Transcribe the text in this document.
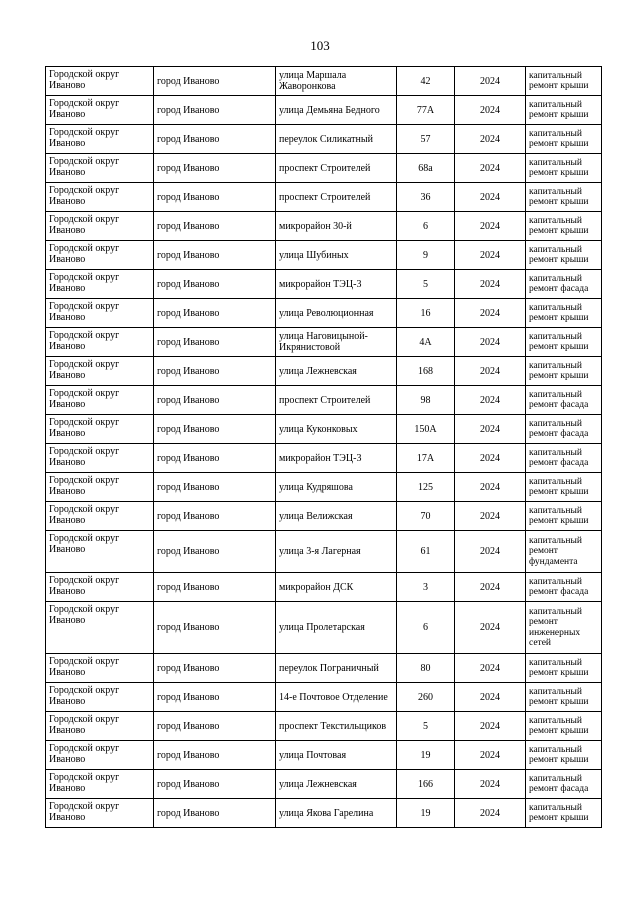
103
Городской округ Иваново	город Иваново	улица Маршала Жаворонкова	42	2024	капитальный ремонт крыши
Городской округ Иваново	город Иваново	улица Демьяна Бедного	77А	2024	капитальный ремонт крыши
Городской округ Иваново	город Иваново	переулок Силикатный	57	2024	капитальный ремонт крыши
Городской округ Иваново	город Иваново	проспект Строителей	68а	2024	капитальный ремонт крыши
Городской округ Иваново	город Иваново	проспект Строителей	36	2024	капитальный ремонт крыши
Городской округ Иваново	город Иваново	микрорайон 30-й	6	2024	капитальный ремонт крыши
Городской округ Иваново	город Иваново	улица Шубиных	9	2024	капитальный ремонт крыши
Городской округ Иваново	город Иваново	микрорайон ТЭЦ-3	5	2024	капитальный ремонт фасада
Городской округ Иваново	город Иваново	улица Революционная	16	2024	капитальный ремонт крыши
Городской округ Иваново	город Иваново	улица Наговицыной-Икрянистовой	4А	2024	капитальный ремонт крыши
Городской округ Иваново	город Иваново	улица Лежневская	168	2024	капитальный ремонт крыши
Городской округ Иваново	город Иваново	проспект Строителей	98	2024	капитальный ремонт фасада
Городской округ Иваново	город Иваново	улица Куконковых	150А	2024	капитальный ремонт фасада
Городской округ Иваново	город Иваново	микрорайон ТЭЦ-3	17А	2024	капитальный ремонт фасада
Городской округ Иваново	город Иваново	улица Кудряшова	125	2024	капитальный ремонт крыши
Городской округ Иваново	город Иваново	улица Велижская	70	2024	капитальный ремонт крыши
Городской округ Иваново	город Иваново	улица 3-я Лагерная	61	2024	капитальный ремонт фундамента
Городской округ Иваново	город Иваново	микрорайон ДСК	3	2024	капитальный ремонт фасада
Городской округ Иваново	город Иваново	улица Пролетарская	6	2024	капитальный ремонт инженерных сетей
Городской округ Иваново	город Иваново	переулок Пограничный	80	2024	капитальный ремонт крыши
Городской округ Иваново	город Иваново	14-е Почтовое Отделение	260	2024	капитальный ремонт крыши
Городской округ Иваново	город Иваново	проспект Текстильщиков	5	2024	капитальный ремонт крыши
Городской округ Иваново	город Иваново	улица Почтовая	19	2024	капитальный ремонт крыши
Городской округ Иваново	город Иваново	улица Лежневская	166	2024	капитальный ремонт фасада
Городской округ Иваново	город Иваново	улица Якова Гарелина	19	2024	капитальный ремонт крыши
